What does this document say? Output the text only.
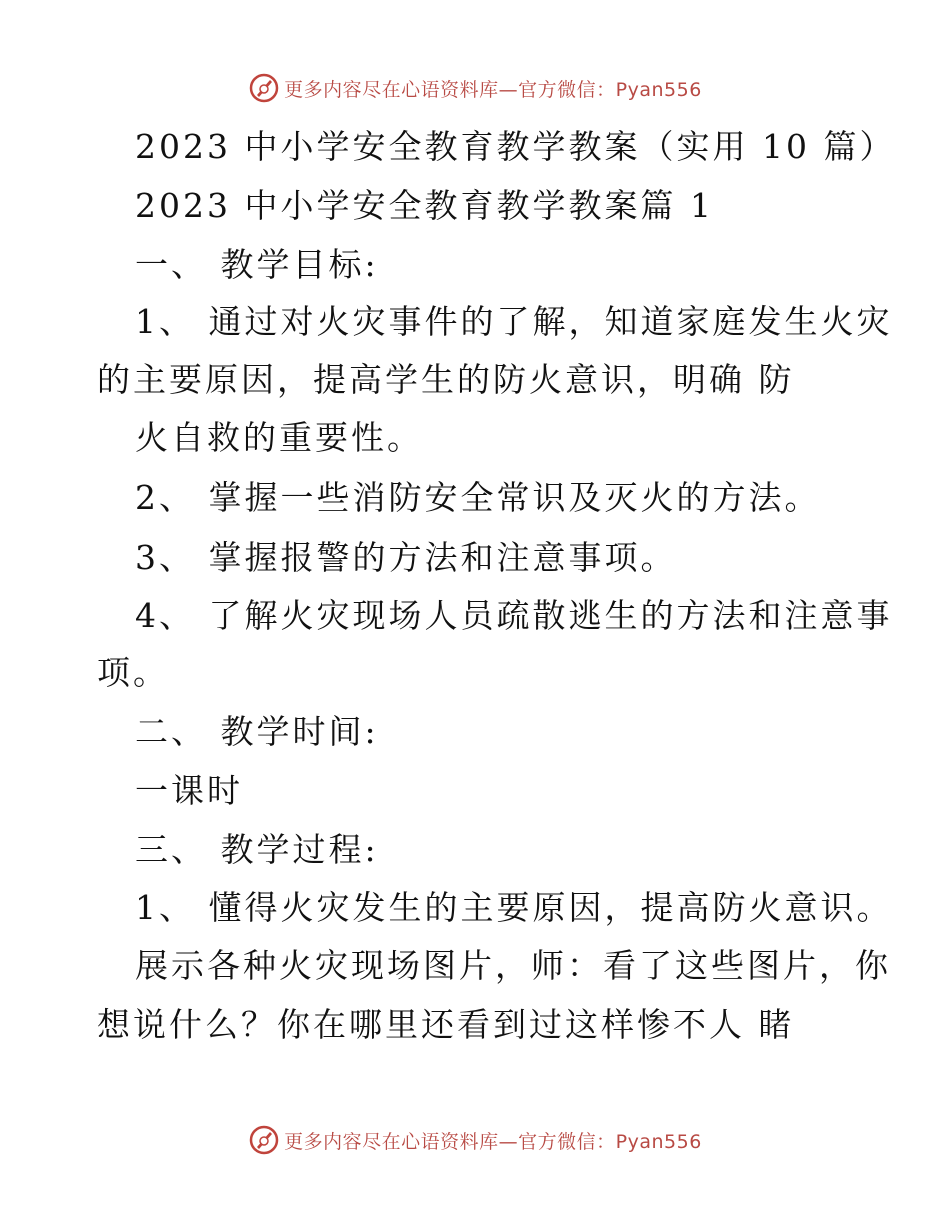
更多内容尽在心语资料库—官方微信：Pyan556
2023 中小学安全教育教学教案（实用 10 篇）
2023 中小学安全教育教学教案篇 1
一、 教学目标:
1、 通过对火灾事件的了解，知道家庭发生火灾
的主要原因，提高学生的防火意识，明确 防
火自救的重要性。
2、 掌握一些消防安全常识及灭火的方法。
3、 掌握报警的方法和注意事项。
4、 了解火灾现场人员疏散逃生的方法和注意事
项。
二、 教学时间:
一课时
三、 教学过程:
1、 懂得火灾发生的主要原因，提高防火意识。
展示各种火灾现场图片，师：看了这些图片，你
想说什么？你在哪里还看到过这样惨不人 睹
更多内容尽在心语资料库—官方微信：Pyan556
